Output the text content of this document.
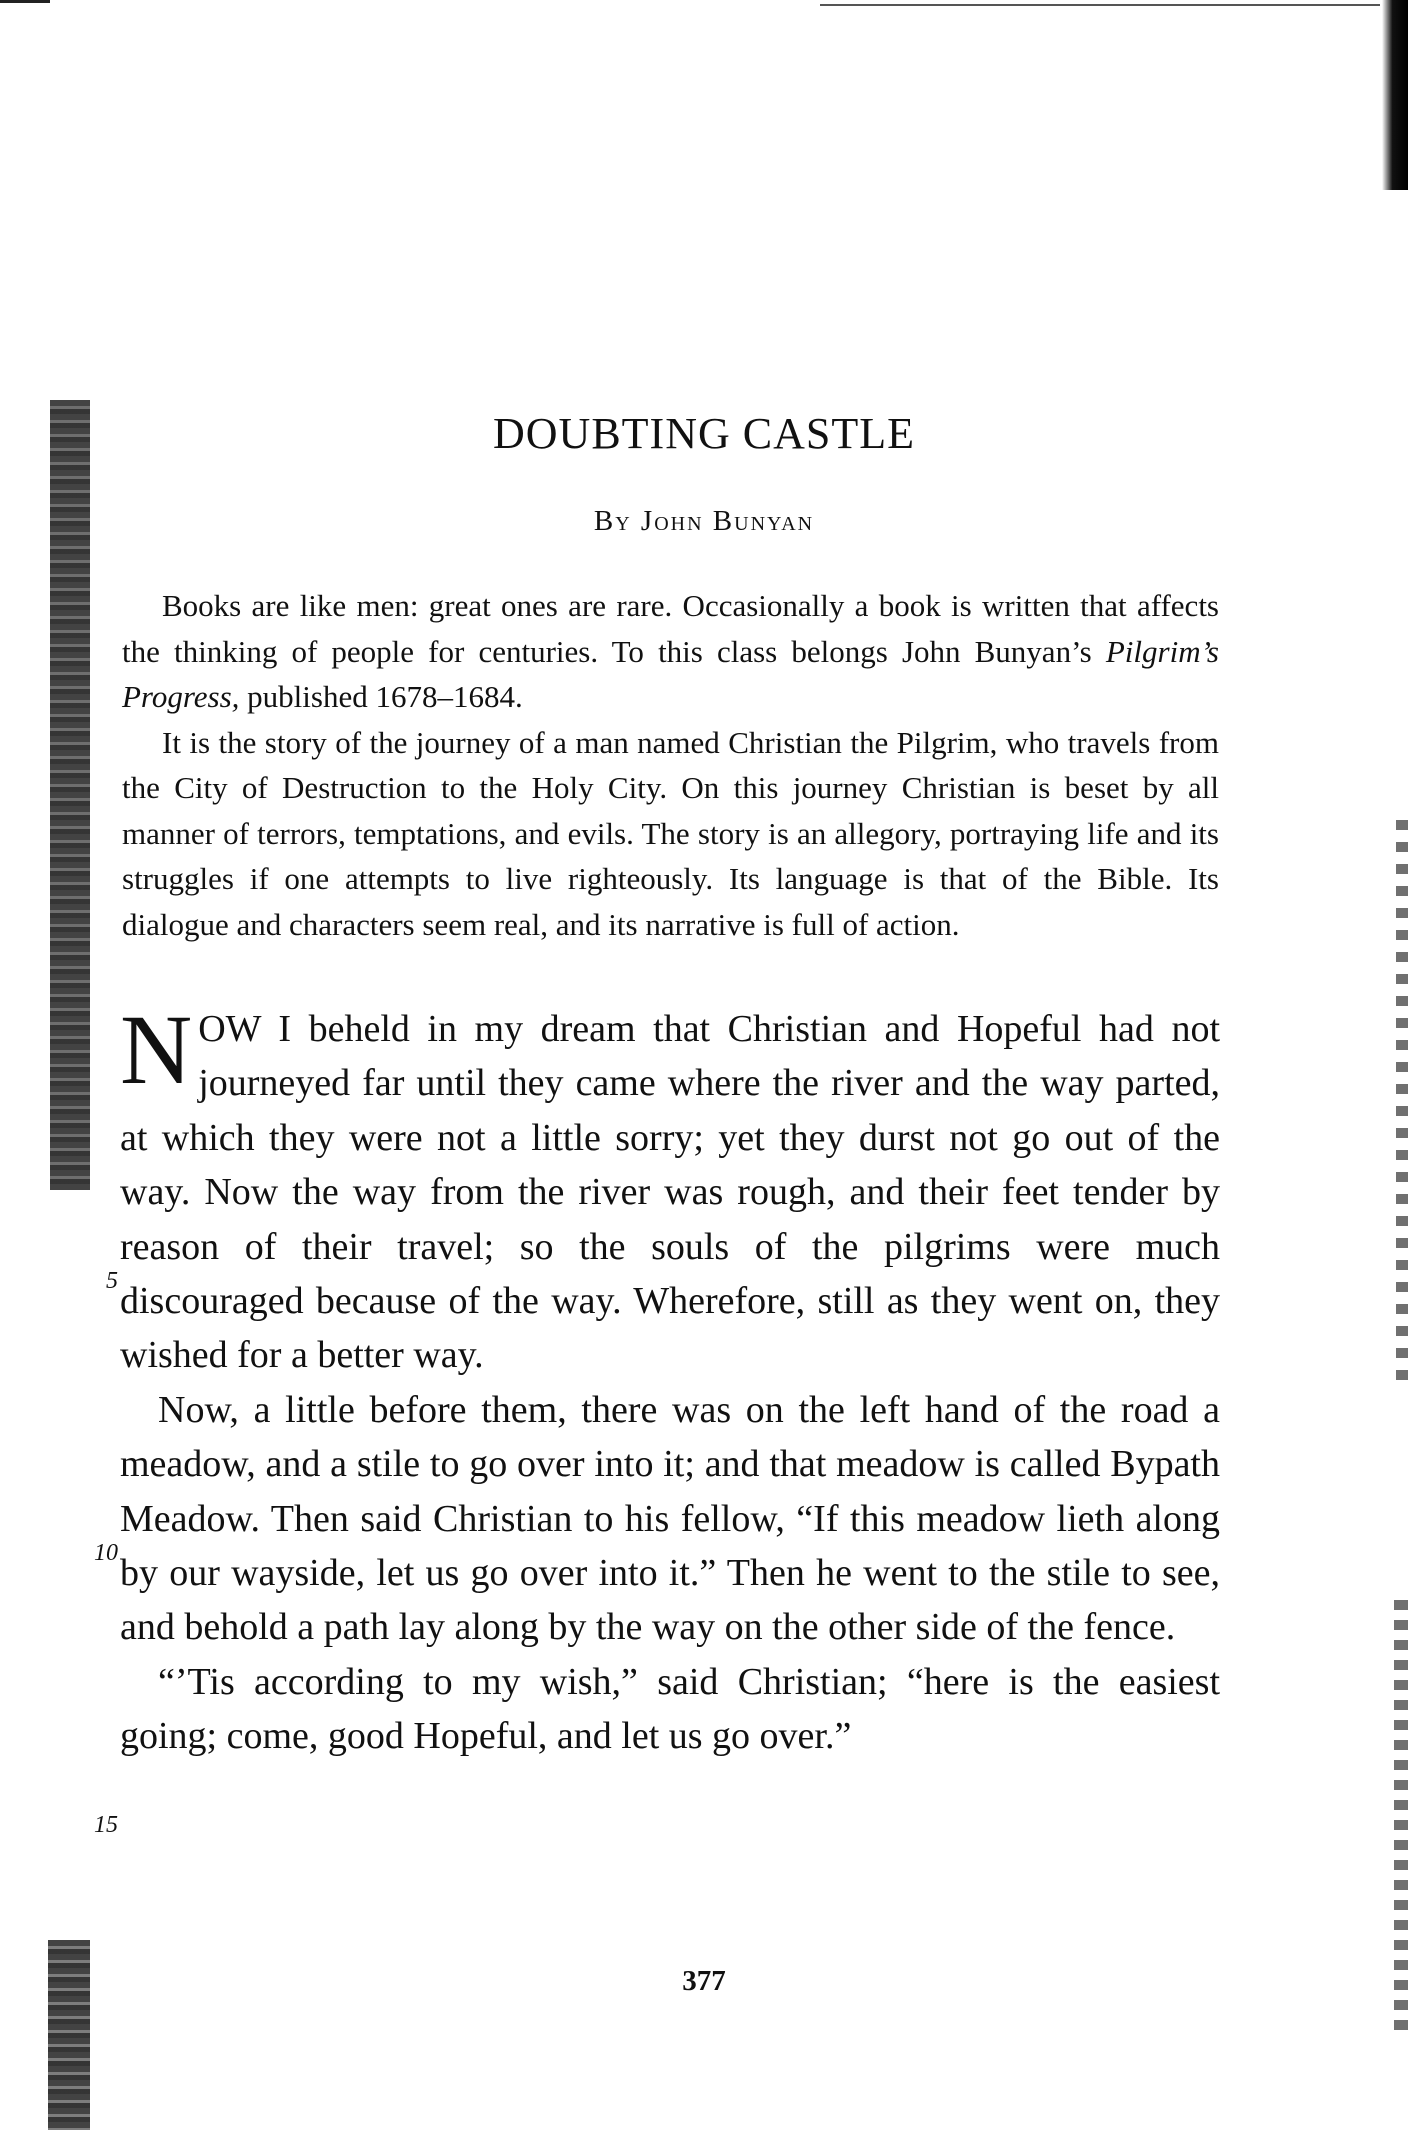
DOUBTING CASTLE
By John Bunyan

Books are like men: great ones are rare. Occasionally a book is written that affects the thinking of people for centuries. To this class belongs John Bunyan’s Pilgrim’s Progress, published 1678–1684.

It is the story of the journey of a man named Christian the Pilgrim, who travels from the City of Destruction to the Holy City. On this journey Christian is beset by all manner of terrors, temptations, and evils. The story is an allegory, portraying life and its struggles if one attempts to live righteously. Its language is that of the Bible. Its dialogue and characters seem real, and its narrative is full of action.

NOW I beheld in my dream that Christian and Hopeful had not journeyed far until they came where the river and the way parted, at which they were not a little sorry; yet they durst not go out of the way. Now the way from the river was rough, and their feet tender by reason of their travel; so the souls of the pilgrims were much discouraged because of the way. Wherefore, still as they went on, they wished for a better way.

Now, a little before them, there was on the left hand of the road a meadow, and a stile to go over into it; and that meadow is called Bypath Meadow. Then said Christian to his fellow, “If this meadow lieth along by our wayside, let us go over into it.” Then he went to the stile to see, and behold a path lay along by the way on the other side of the fence.

“’Tis according to my wish,” said Christian; “here is the easiest going; come, good Hopeful, and let us go over.”

5
10
15
377
